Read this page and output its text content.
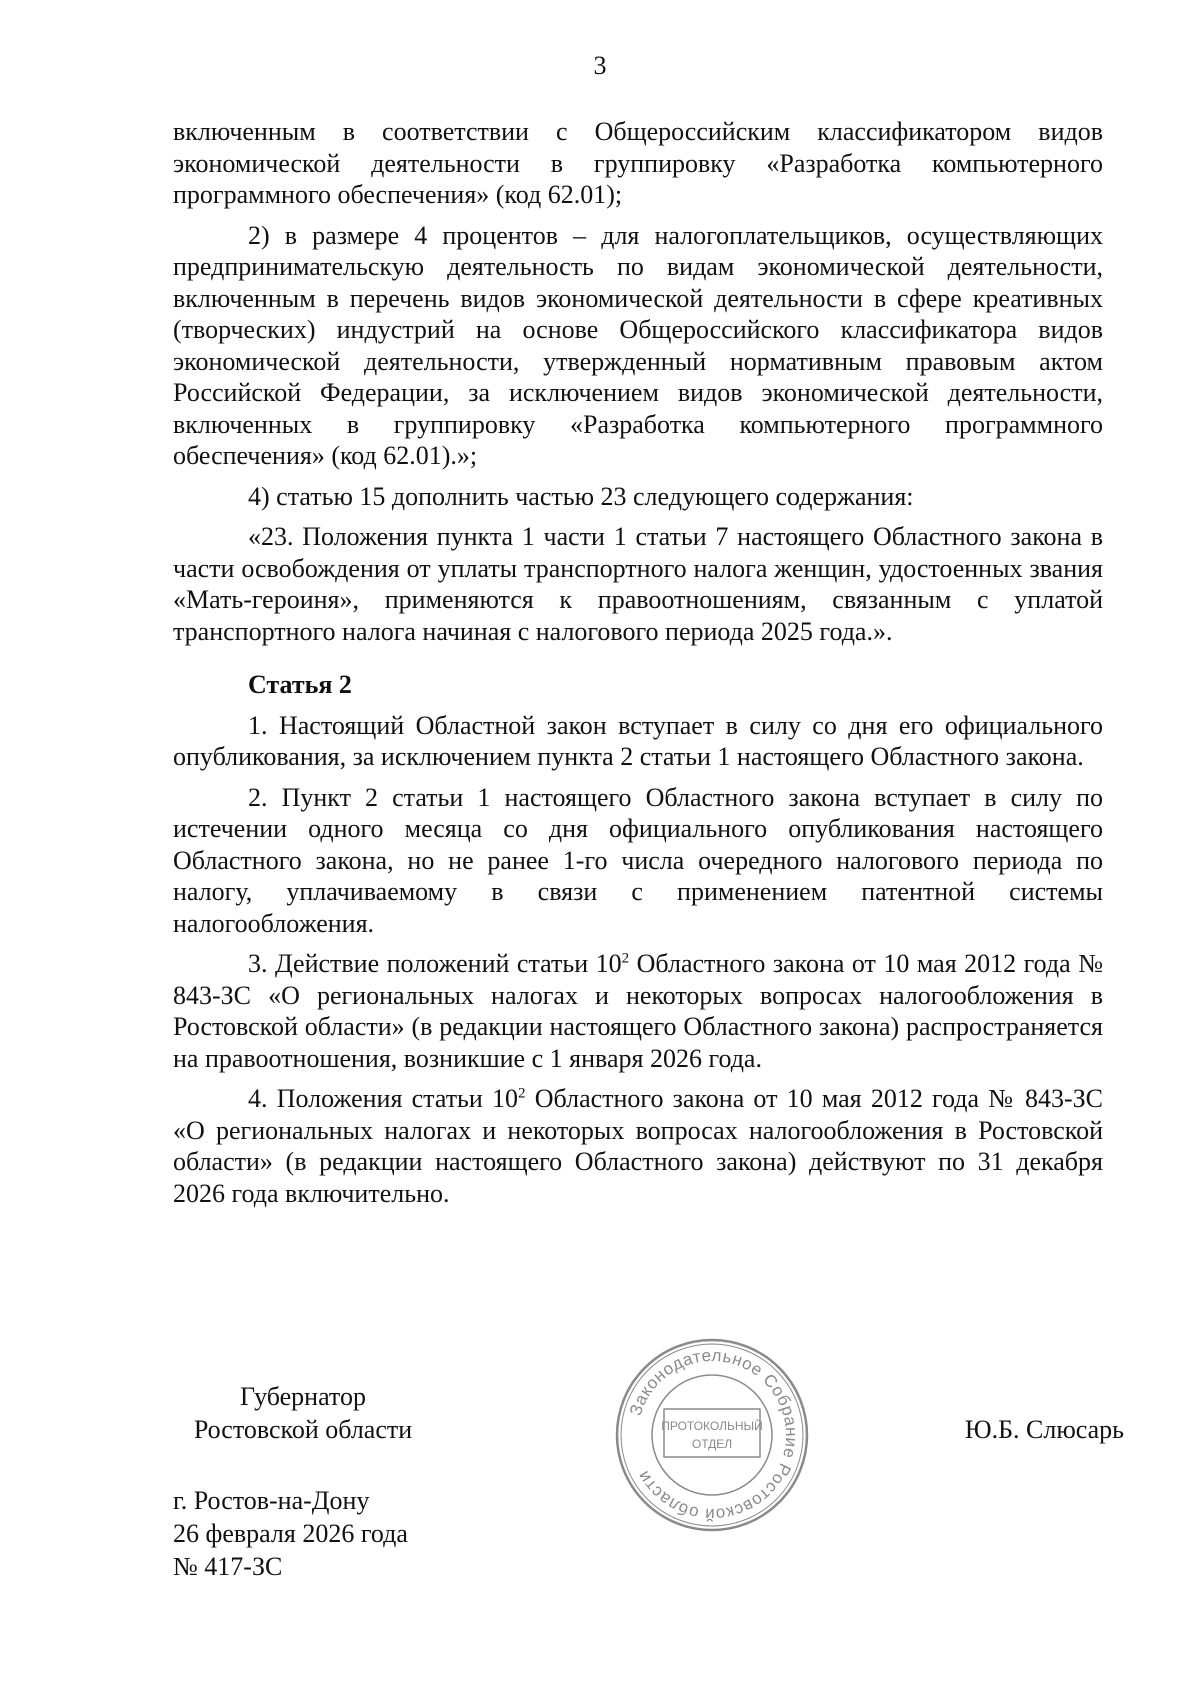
3

включенным в соответствии с Общероссийским классификатором видов экономической деятельности в группировку «Разработка компьютерного программного обеспечения» (код 62.01);

2) в размере 4 процентов – для налогоплательщиков, осуществляющих предпринимательскую деятельность по видам экономической деятельности, включенным в перечень видов экономической деятельности в сфере креативных (творческих) индустрий на основе Общероссийского классификатора видов экономической деятельности, утвержденный нормативным правовым актом Российской Федерации, за исключением видов экономической деятельности, включенных в группировку «Разработка компьютерного программного обеспечения» (код 62.01).»;

4) статью 15 дополнить частью 23 следующего содержания:

«23. Положения пункта 1 части 1 статьи 7 настоящего Областного закона в части освобождения от уплаты транспортного налога женщин, удостоенных звания «Мать-героиня», применяются к правоотношениям, связанным с уплатой транспортного налога начиная с налогового периода 2025 года.».

Статья 2

1. Настоящий Областной закон вступает в силу со дня его официального опубликования, за исключением пункта 2 статьи 1 настоящего Областного закона.

2. Пункт 2 статьи 1 настоящего Областного закона вступает в силу по истечении одного месяца со дня официального опубликования настоящего Областного закона, но не ранее 1-го числа очередного налогового периода по налогу, уплачиваемому в связи с применением патентной системы налогообложения.

3. Действие положений статьи $10^2$ Областного закона от 10 мая 2012 года № 843-ЗС «О региональных налогах и некоторых вопросах налогообложения в Ростовской области» (в редакции настоящего Областного закона) распространяется на правоотношения, возникшие с 1 января 2026 года.

4. Положения статьи $10^2$ Областного закона от 10 мая 2012 года № 843-ЗС «О региональных налогах и некоторых вопросах налогообложения в Ростовской области» (в редакции настоящего Областного закона) действуют по 31 декабря 2026 года включительно.

Губернатор
Ростовской области
Законодательное Собрание Ростовской области
ПРОТОКОЛЬНЫЙ
ОТДЕЛ	Ю.Б. Слюсарь
г. Ростов-на-Дону
26 февраля 2026 года
№ 417-ЗС
